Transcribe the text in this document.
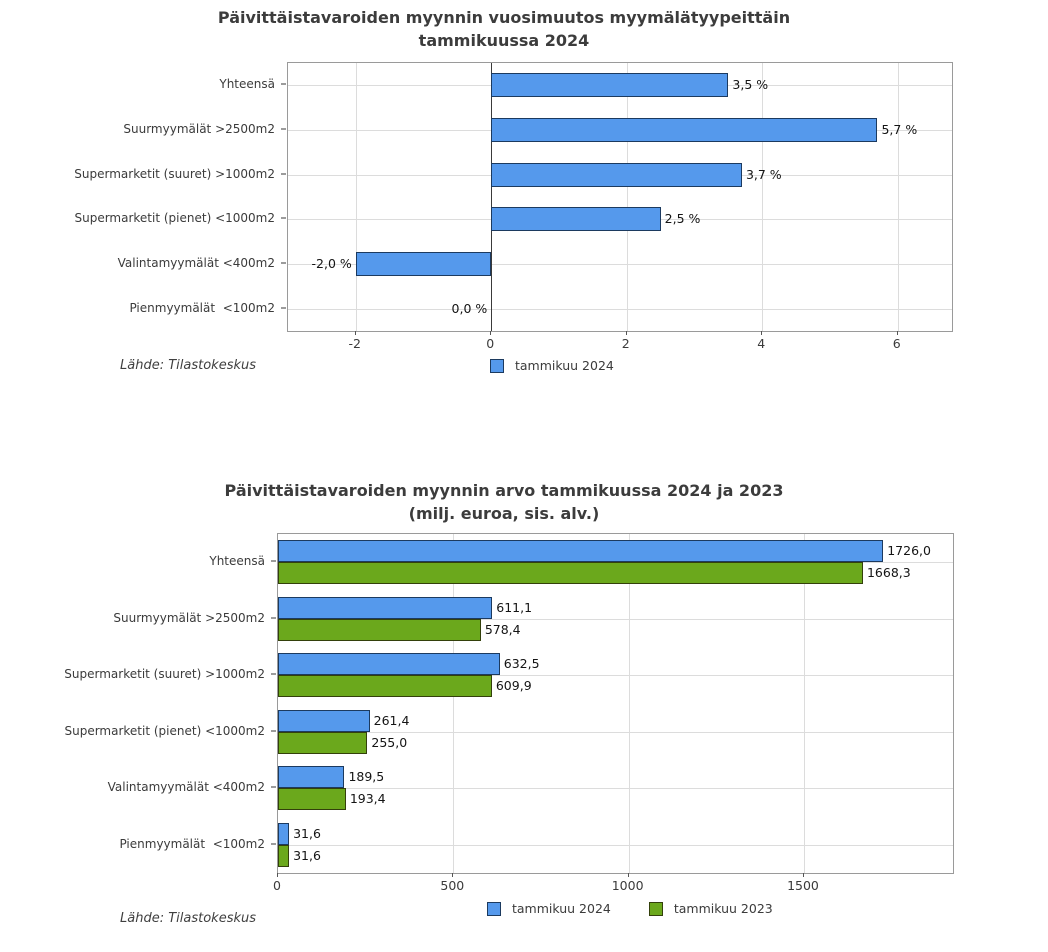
Päivittäistavaroiden myynnin vuosimuutos myymälätyypeittäin
tammikuussa 2024
Yhteensä
Suurmyymälät >2500m2
Supermarketit (suuret) >1000m2
Supermarketit (pienet) <1000m2
Valintamyymälät <400m2
Pienmyymälät  <100m2
3,5 %
5,7 %
3,7 %
2,5 %
-2,0 %
0,0 %
-2	0	2	4	6
tammikuu 2024
Lähde: Tilastokeskus
Päivittäistavaroiden myynnin arvo tammikuussa 2024 ja 2023
(milj. euroa, sis. alv.)
Yhteensä
Suurmyymälät >2500m2
Supermarketit (suuret) >1000m2
Supermarketit (pienet) <1000m2
Valintamyymälät <400m2
Pienmyymälät  <100m2
1726,0
611,1
632,5
261,4
189,5
31,6
1668,3
578,4
609,9
255,0
193,4
31,6
0	500	1000	1500
tammikuu 2024	tammikuu 2023
Lähde: Tilastokeskus
